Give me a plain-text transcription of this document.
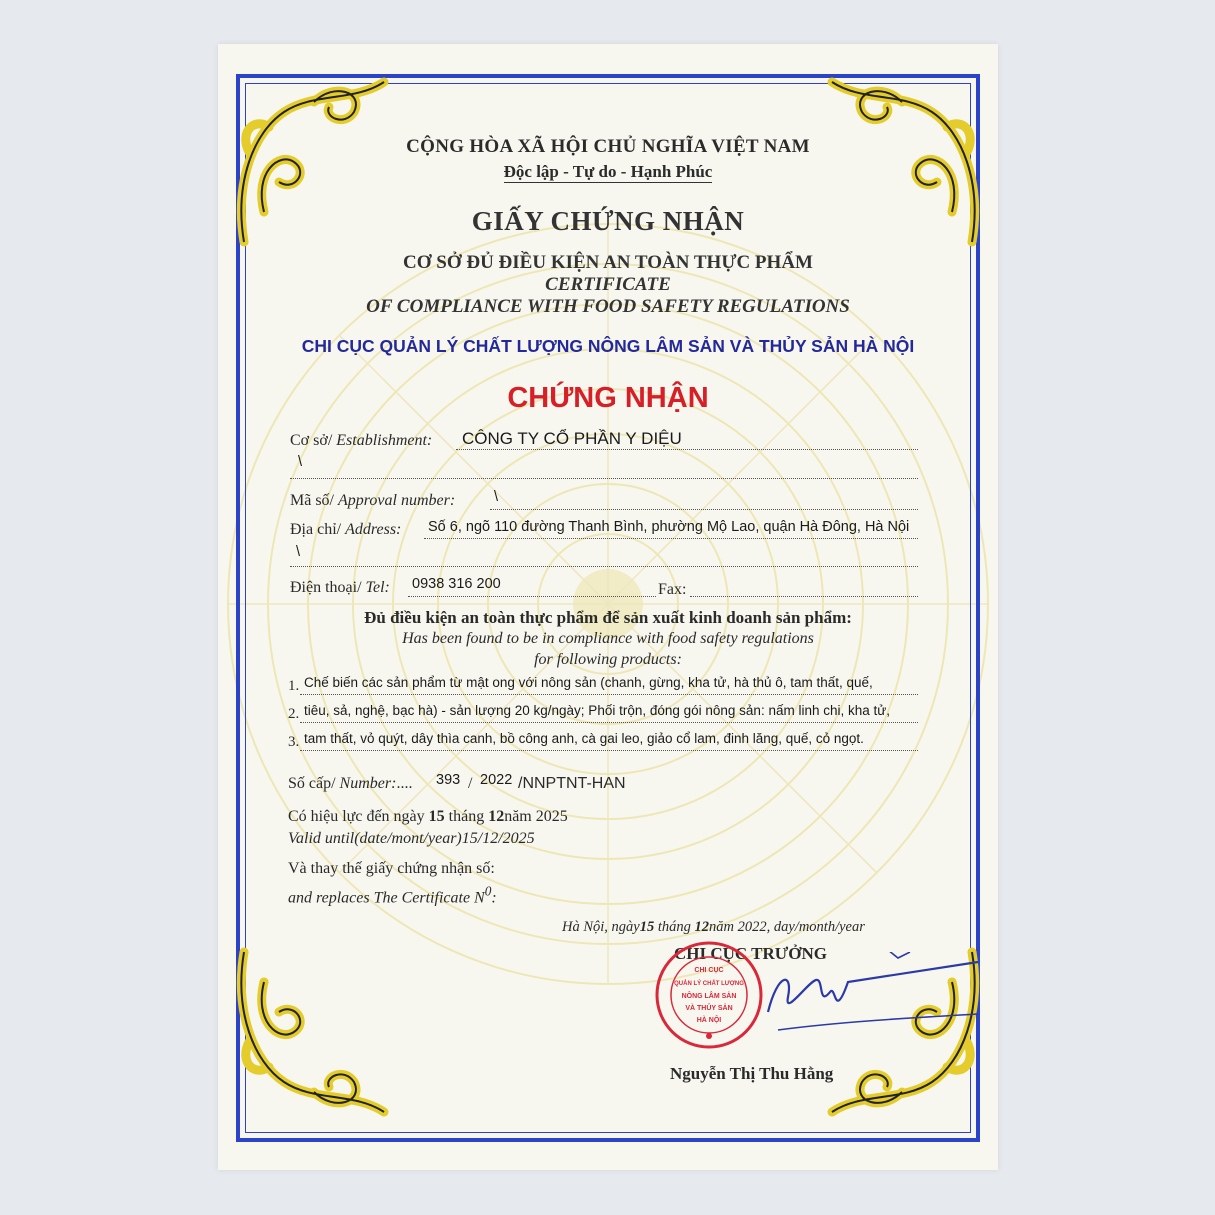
CỘNG HÒA XÃ HỘI CHỦ NGHĨA VIỆT NAM
Độc lập - Tự do - Hạnh Phúc
GIẤY CHỨNG NHẬN
CƠ SỞ ĐỦ ĐIỀU KIỆN AN TOÀN THỰC PHẨM
CERTIFICATE
OF COMPLIANCE WITH FOOD SAFETY REGULATIONS
CHI CỤC QUẢN LÝ CHẤT LƯỢNG NÔNG LÂM SẢN VÀ THỦY SẢN HÀ NỘI
CHỨNG NHẬN
Cơ sở/ Establishment: CÔNG TY CỔ PHẦN Y DIỆU
\
Mã số/ Approval number:	\
Địa chỉ/ Address: Số 6, ngõ 110 đường Thanh Bình, phường Mộ Lao, quận Hà Đông, Hà Nội
\
Điện thoại/ Tel: 0938 316 200	Fax:
Đủ điều kiện an toàn thực phẩm để sản xuất kinh doanh sản phẩm:
Has been found to be in compliance with food safety regulations
for following products:
1. Chế biến các sản phẩm từ mật ong với nông sản (chanh, gừng, kha tử, hà thủ ô, tam thất, quế,
2. tiêu, sả, nghệ, bạc hà) - sản lượng 20 kg/ngày; Phối trộn, đóng gói nông sản: nấm linh chi, kha tử,
3. tam thất, vỏ quýt, dây thìa canh, bồ công anh, cà gai leo, giảo cổ lam, đinh lăng, quế, cỏ ngọt.
Số cấp/ Number:.... 393 / 2022 /NNPTNT-HAN
Có hiệu lực đến ngày 15 tháng 12năm 2025
Valid until(date/mont/year)15/12/2025
Và thay thế giấy chứng nhận số:
and replaces The Certificate $N^0$:
Hà Nội, ngày15 tháng 12năm 2022, day/month/year
CHI CỤC TRƯỞNG
CHI CỤC
QUẢN LÝ CHẤT LƯỢNG
NÔNG LÂM SẢN
VÀ THỦY SẢN
HÀ NỘI
Nguyễn Thị Thu Hằng
